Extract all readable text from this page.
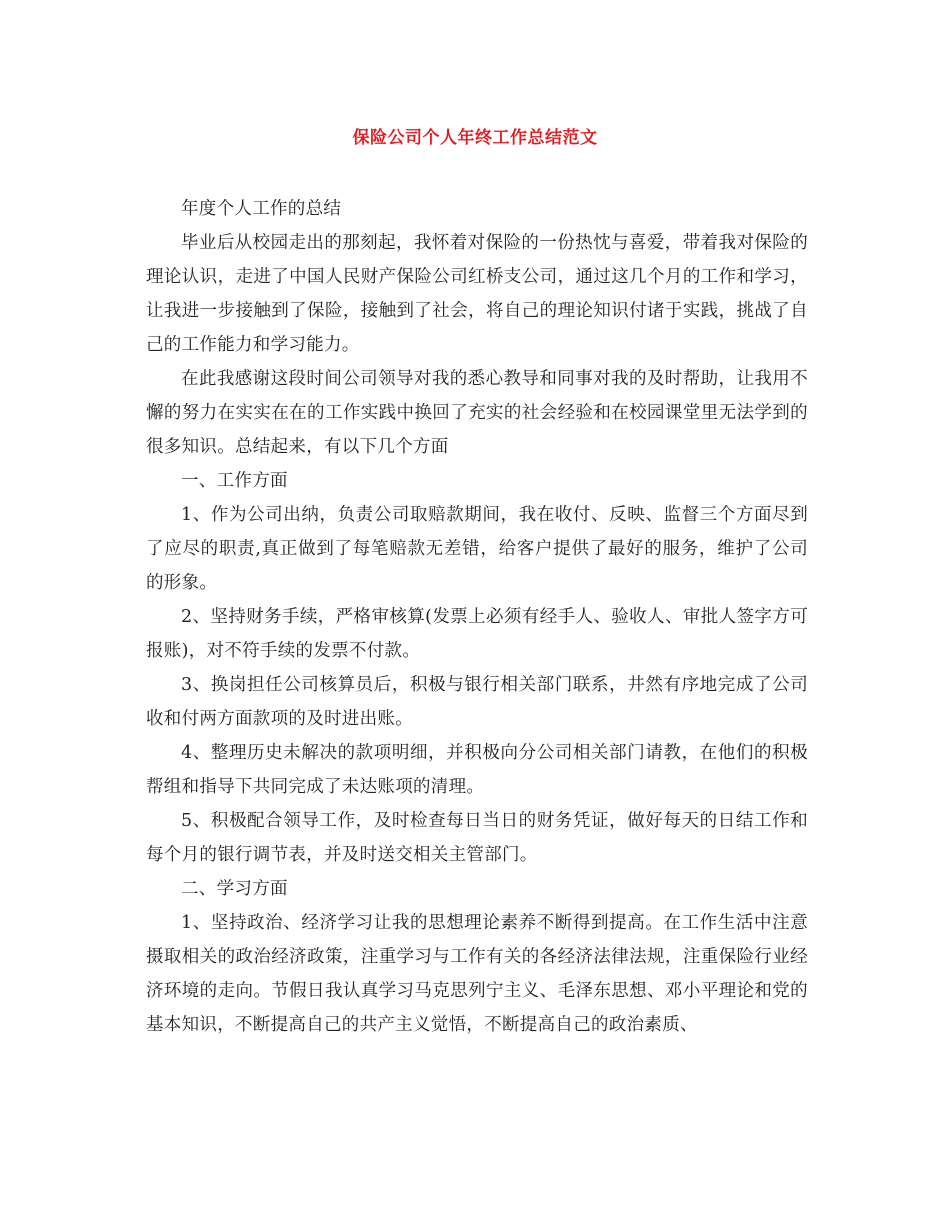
保险公司个人年终工作总结范文

年度个人工作的总结

毕业后从校园走出的那刻起，我怀着对保险的一份热忱与喜爱，带着我对保险的理论认识，走进了中国人民财产保险公司红桥支公司，通过这几个月的工作和学习，让我进一步接触到了保险，接触到了社会，将自己的理论知识付诸于实践，挑战了自己的工作能力和学习能力。

在此我感谢这段时间公司领导对我的悉心教导和同事对我的及时帮助，让我用不懈的努力在实实在在的工作实践中换回了充实的社会经验和在校园课堂里无法学到的很多知识。总结起来，有以下几个方面

一、工作方面

1、作为公司出纳，负责公司取赔款期间，我在收付、反映、监督三个方面尽到了应尽的职责,真正做到了每笔赔款无差错，给客户提供了最好的服务，维护了公司的形象。

2、坚持财务手续，严格审核算(发票上必须有经手人、验收人、审批人签字方可报账)，对不符手续的发票不付款。

3、换岗担任公司核算员后，积极与银行相关部门联系，井然有序地完成了公司收和付两方面款项的及时进出账。

4、整理历史未解决的款项明细，并积极向分公司相关部门请教，在他们的积极帮组和指导下共同完成了未达账项的清理。

5、积极配合领导工作，及时检查每日当日的财务凭证，做好每天的日结工作和每个月的银行调节表，并及时送交相关主管部门。

二、学习方面

1、坚持政治、经济学习让我的思想理论素养不断得到提高。在工作生活中注意摄取相关的政治经济政策，注重学习与工作有关的各经济法律法规，注重保险行业经济环境的走向。节假日我认真学习马克思列宁主义、毛泽东思想、邓小平理论和党的基本知识，不断提高自己的共产主义觉悟，不断提高自己的政治素质、
